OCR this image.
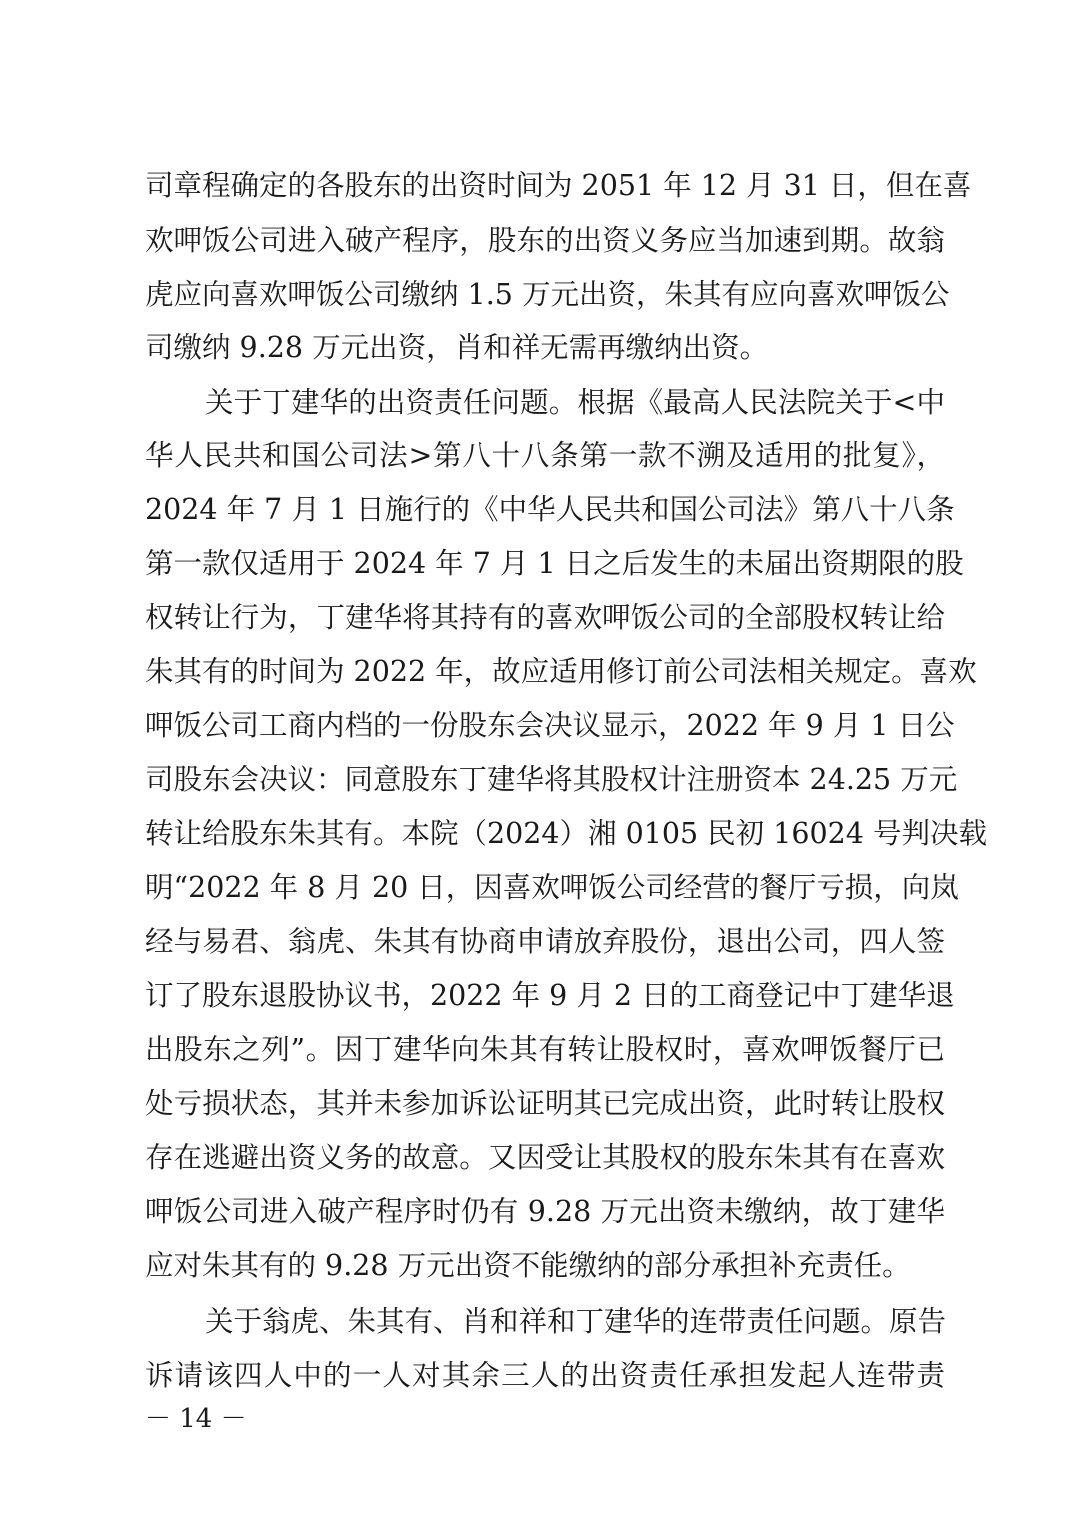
司章程确定的各股东的出资时间为 2051 年 12 月 31 日，但在喜
欢呷饭公司进入破产程序，股东的出资义务应当加速到期。故翁
虎应向喜欢呷饭公司缴纳 1.5 万元出资，朱其有应向喜欢呷饭公
司缴纳 9.28 万元出资，肖和祥无需再缴纳出资。
关于丁建华的出资责任问题。根据《最高人民法院关于<中
华人民共和国公司法>第八十八条第一款不溯及适用的批复》，
2024 年 7 月 1 日施行的《中华人民共和国公司法》第八十八条
第一款仅适用于 2024 年 7 月 1 日之后发生的未届出资期限的股
权转让行为，丁建华将其持有的喜欢呷饭公司的全部股权转让给
朱其有的时间为 2022 年，故应适用修订前公司法相关规定。喜欢
呷饭公司工商内档的一份股东会决议显示，2022 年 9 月 1 日公
司股东会决议：同意股东丁建华将其股权计注册资本 24.25 万元
转让给股东朱其有。本院（2024）湘 0105 民初 16024 号判决载
明“2022 年 8 月 20 日，因喜欢呷饭公司经营的餐厅亏损，向岚
经与易君、翁虎、朱其有协商申请放弃股份，退出公司，四人签
订了股东退股协议书，2022 年 9 月 2 日的工商登记中丁建华退
出股东之列”。因丁建华向朱其有转让股权时，喜欢呷饭餐厅已
处亏损状态，其并未参加诉讼证明其已完成出资，此时转让股权
存在逃避出资义务的故意。又因受让其股权的股东朱其有在喜欢
呷饭公司进入破产程序时仍有 9.28 万元出资未缴纳，故丁建华
应对朱其有的 9.28 万元出资不能缴纳的部分承担补充责任。
关于翁虎、朱其有、肖和祥和丁建华的连带责任问题。原告
诉请该四人中的一人对其余三人的出资责任承担发起人连带责
－ 14 －
